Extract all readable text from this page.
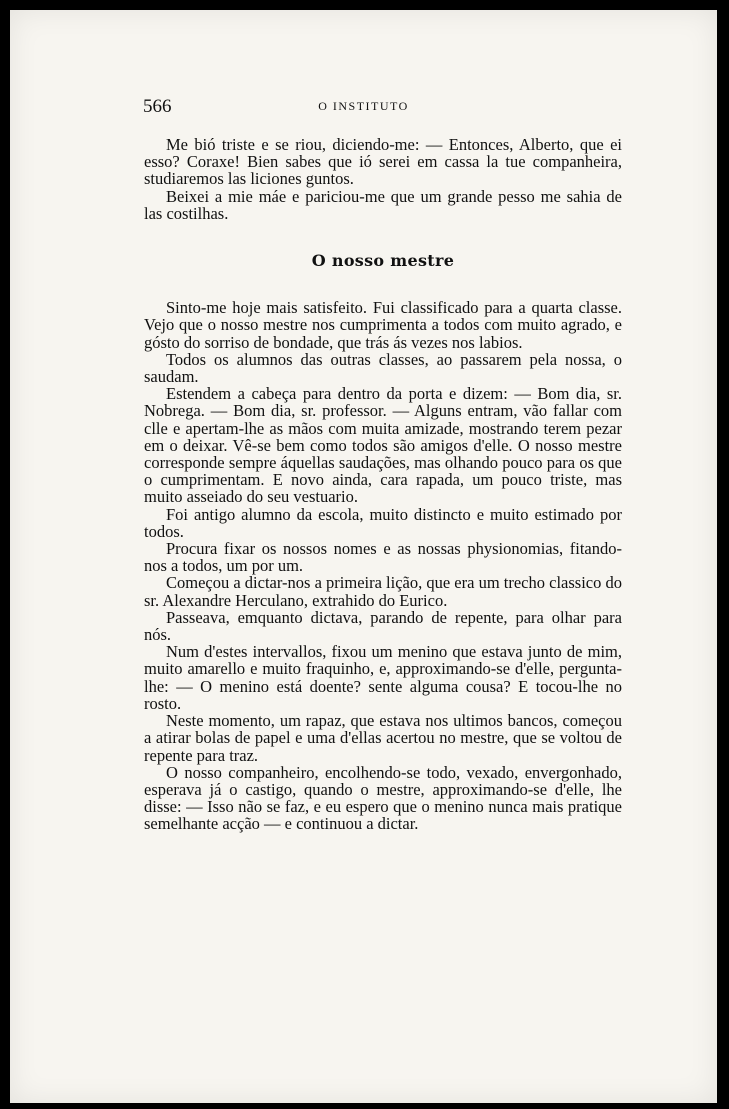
566	O INSTITUTO

Me bió triste e se riou, diciendo-me: — Entonces, Alberto, que ei esso? Coraxe! Bien sabes que ió serei em cassa la tue companheira, studiaremos las liciones guntos.

Beixei a mie máe e pariciou-me que um grande pesso me sahia de las costilhas.

O nosso mestre

Sinto-me hoje mais satisfeito. Fui classificado para a quarta classe. Vejo que o nosso mestre nos cumprimenta a todos com muito agrado, e góstо do sorriso de bondade, que trás ás vezes nos labios.

Todos os alumnos das outras classes, ao passarem pela nossa, o saudam.

Estendem a cabeça para dentro da porta e dizem: — Bom dia, sr. Nobrega. — Bom dia, sr. professor. — Alguns entram, vão fallar com clle e apertam-lhe as mãos com muita amizade, mostrando terem pezar em o deixar. Vê-se bem como todos são amigos d'elle. O nosso mestre corresponde sempre áquellas saudações, mas olhando pouco para os que o cumprimentam. E novo ainda, cara rapada, um pouco triste, mas muito asseiado do seu vestuario.

Foi antigo alumno da escola, muito distincto e muito estimado por todos.

Procura fixar os nossos nomes e as nossas physionomias, fitando-nos a todos, um por um.

Começou a dictar-nos a primeira lição, que era um trecho classico do sr. Alexandre Herculano, extrahido do Eurico.

Passeava, emquanto dictava, parando de repente, para olhar para nós.

Num d'estes intervallos, fixou um menino que estava junto de mim, muito amarello e muito fraquinho, e, approximando-se d'elle, pergunta-lhe: — O menino está doente? sente alguma cousa? E tocou-lhe no rosto.

Neste momento, um rapaz, que estava nos ultimos bancos, começou a atirar bolas de papel e uma d'ellas acertou no mestre, que se voltou de repente para traz.

O nosso companheiro, encolhendo-se todo, vexado, envergonhado, esperava já o castigo, quando o mestre, approximando-se d'elle, lhe disse: — Isso não se faz, e eu espero que o menino nunca mais pratique semelhante acção — e continuou a dictar.
